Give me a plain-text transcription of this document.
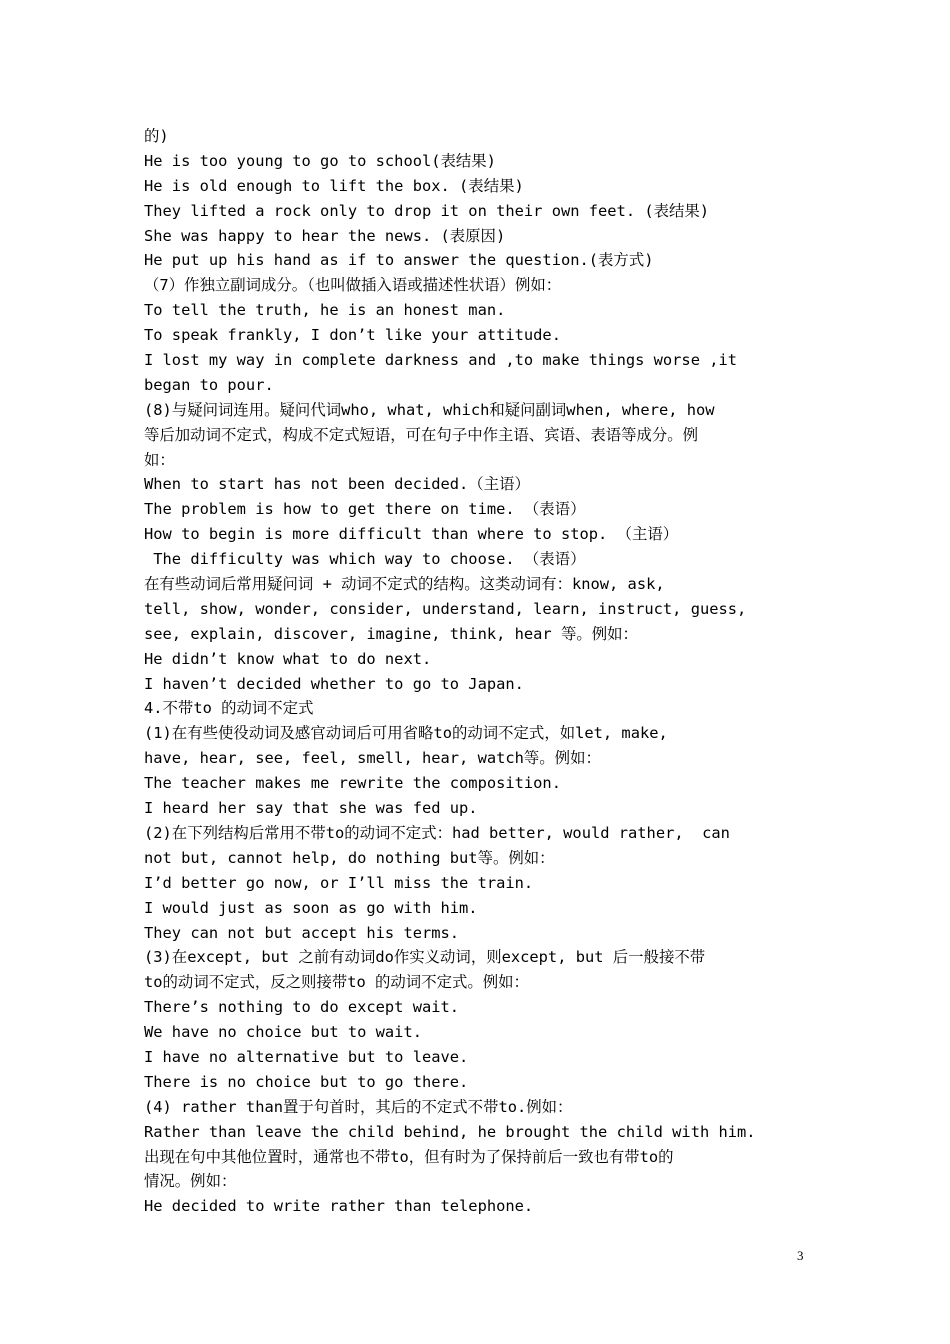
的)
He is too young to go to school(表结果)
He is old enough to lift the box. (表结果)
They lifted a rock only to drop it on their own feet. (表结果)
She was happy to hear the news. (表原因)
He put up his hand as if to answer the question.(表方式)
（7）作独立副词成分。（也叫做插入语或描述性状语）例如：
To tell the truth, he is an honest man.
To speak frankly, I don’t like your attitude.
I lost my way in complete darkness and ,to make things worse ,it
began to pour.
(8)与疑问词连用。疑问代词who, what, which和疑问副词when, where, how
等后加动词不定式，构成不定式短语，可在句子中作主语、宾语、表语等成分。例
如：
When to start has not been decided.（主语）
The problem is how to get there on time. （表语）
How to begin is more difficult than where to stop. （主语）
The difficulty was which way to choose. （表语）
在有些动词后常用疑问词 + 动词不定式的结构。这类动词有：know, ask,
tell, show, wonder, consider, understand, learn, instruct, guess,
see, explain, discover, imagine, think, hear 等。例如：
He didn’t know what to do next.
I haven’t decided whether to go to Japan.
4.不带to 的动词不定式
(1)在有些使役动词及感官动词后可用省略to的动词不定式，如let, make,
have, hear, see, feel, smell, hear, watch等。例如：
The teacher makes me rewrite the composition.
I heard her say that she was fed up.
(2)在下列结构后常用不带to的动词不定式：had better, would rather,  can
not but, cannot help, do nothing but等。例如：
I’d better go now, or I’ll miss the train.
I would just as soon as go with him.
They can not but accept his terms.
(3)在except, but 之前有动词do作实义动词，则except, but 后一般接不带
to的动词不定式，反之则接带to 的动词不定式。例如：
There’s nothing to do except wait.
We have no choice but to wait.
I have no alternative but to leave.
There is no choice but to go there.
(4) rather than置于句首时，其后的不定式不带to.例如：
Rather than leave the child behind, he brought the child with him.
出现在句中其他位置时，通常也不带to，但有时为了保持前后一致也有带to的
情况。例如：
He decided to write rather than telephone.
3
